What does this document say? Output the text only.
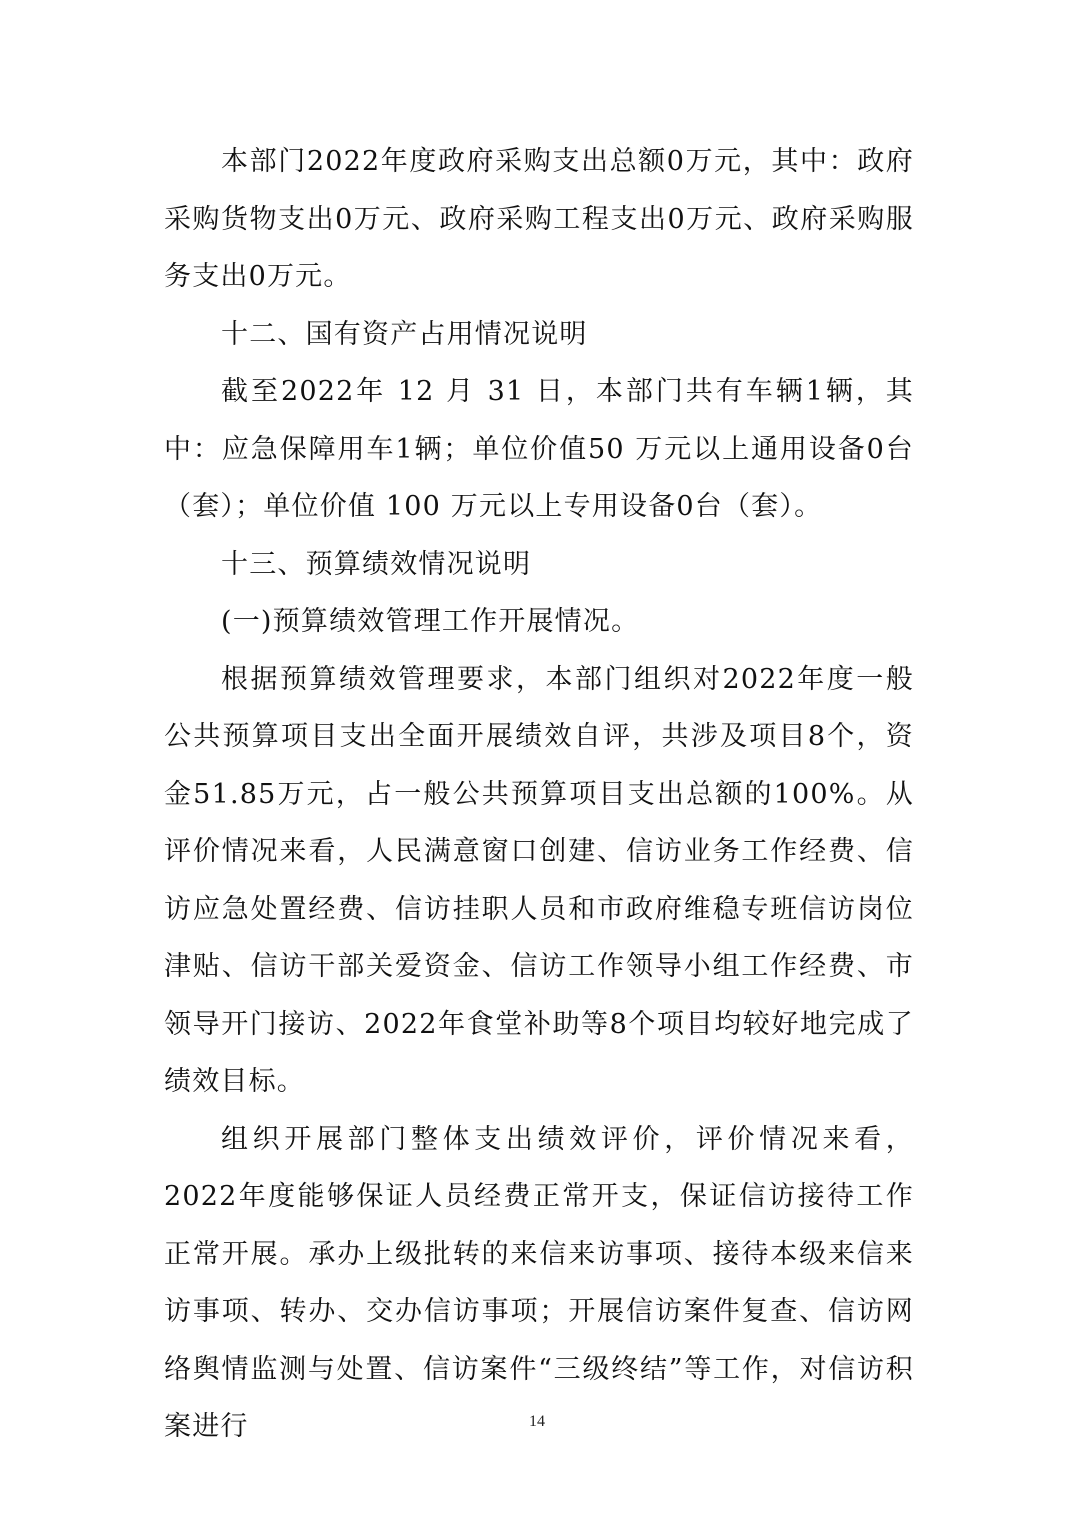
本部门2022年度政府采购支出总额0万元，其中：政府采购货物支出0万元、政府采购工程支出0万元、政府采购服务支出0万元。

十二、国有资产占用情况说明

截至2022年 12 月 31 日，本部门共有车辆1辆，其中：应急保障用车1辆；单位价值50 万元以上通用设备0台（套）；单位价值 100 万元以上专用设备0台（套）。

十三、预算绩效情况说明

(一)预算绩效管理工作开展情况。

根据预算绩效管理要求，本部门组织对2022年度一般公共预算项目支出全面开展绩效自评，共涉及项目8个，资金51.85万元，占一般公共预算项目支出总额的100%。从评价情况来看，人民满意窗口创建、信访业务工作经费、信访应急处置经费、信访挂职人员和市政府维稳专班信访岗位津贴、信访干部关爱资金、信访工作领导小组工作经费、市领导开门接访、2022年食堂补助等8个项目均较好地完成了绩效目标。

组织开展部门整体支出绩效评价，评价情况来看，2022年度能够保证人员经费正常开支，保证信访接待工作正常开展。承办上级批转的来信来访事项、接待本级来信来访事项、转办、交办信访事项；开展信访案件复查、信访网络舆情监测与处置、信访案件“三级终结”等工作，对信访积案进行	14
